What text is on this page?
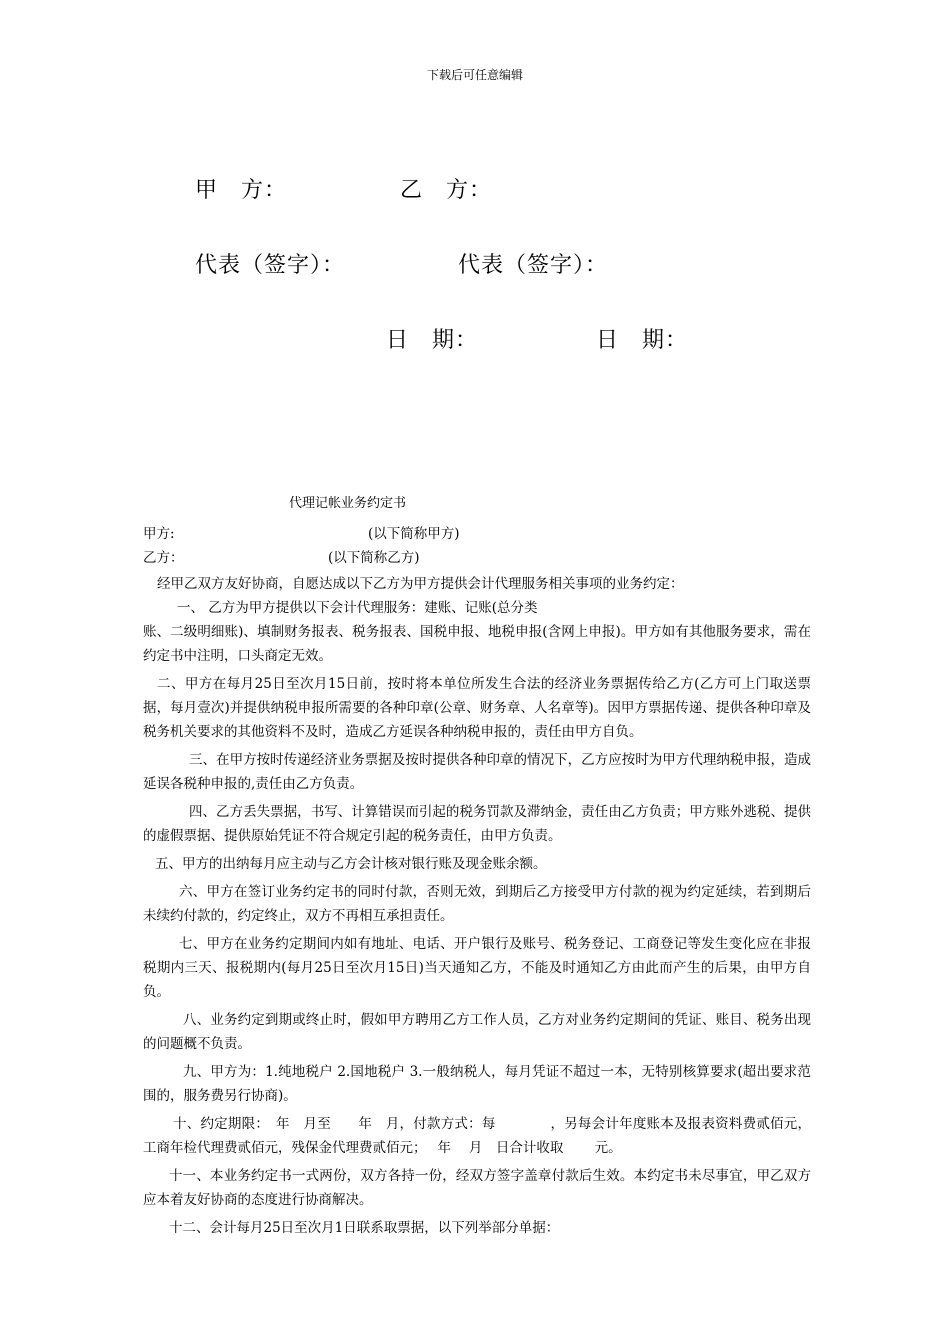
下载后可任意编辑
甲　方：	乙　方：
代表（签字）：	代表（签字）：
日　期：	日　期：
代理记帐业务约定书
甲方:	(以下简称甲方)
乙方：	(以下简称乙方)

经甲乙双方友好协商，自愿达成以下乙方为甲方提供会计代理服务相关事项的业务约定：

一、 乙方为甲方提供以下会计代理服务：建账、记账(总分类

账、二级明细账)、填制财务报表、税务报表、国税申报、地税申报(含网上申报)。甲方如有其他服务要求，需在约定书中注明，口头商定无效。

二、甲方在每月25日至次月15日前，按时将本单位所发生合法的经济业务票据传给乙方(乙方可上门取送票据，每月壹次)并提供纳税申报所需要的各种印章(公章、财务章、人名章等)。因甲方票据传递、提供各种印章及税务机关要求的其他资料不及时，造成乙方延误各种纳税申报的，责任由甲方自负。

三、在甲方按时传递经济业务票据及按时提供各种印章的情况下，乙方应按时为甲方代理纳税申报，造成延误各税种申报的,责任由乙方负责。

四、乙方丢失票据，书写、计算错误而引起的税务罚款及滞纳金，责任由乙方负责；甲方账外逃税、提供的虚假票据、提供原始凭证不符合规定引起的税务责任，由甲方负责。

五、甲方的出纳每月应主动与乙方会计核对银行账及现金账余额。

六、甲方在签订业务约定书的同时付款，否则无效，到期后乙方接受甲方付款的视为约定延续，若到期后未续约付款的，约定终止，双方不再相互承担责任。

七、甲方在业务约定期间内如有地址、电话、开户银行及账号、税务登记、工商登记等发生变化应在非报税期内三天、报税期内(每月25日至次月15日)当天通知乙方，不能及时通知乙方由此而产生的后果，由甲方自负。

八、业务约定到期或终止时，假如甲方聘用乙方工作人员，乙方对业务约定期间的凭证、账目、税务出现的问题概不负责。

九、甲方为：1.纯地税户 2.国地税户 3.一般纳税人，每月凭证不超过一本，无特别核算要求(超出要求范围的，服务费另行协商)。

十、约定期限：　年　月至　　年　月，付款方式：每　　　　，另每会计年度账本及报表资料费贰佰元，工商年检代理费贰佰元，残保金代理费贰佰元；　 年　 月　日合计收取　　 元。

十一、本业务约定书一式两份，双方各持一份，经双方签字盖章付款后生效。本约定书未尽事宜，甲乙双方应本着友好协商的态度进行协商解决。

十二、会计每月25日至次月1日联系取票据，以下列举部分单据：
